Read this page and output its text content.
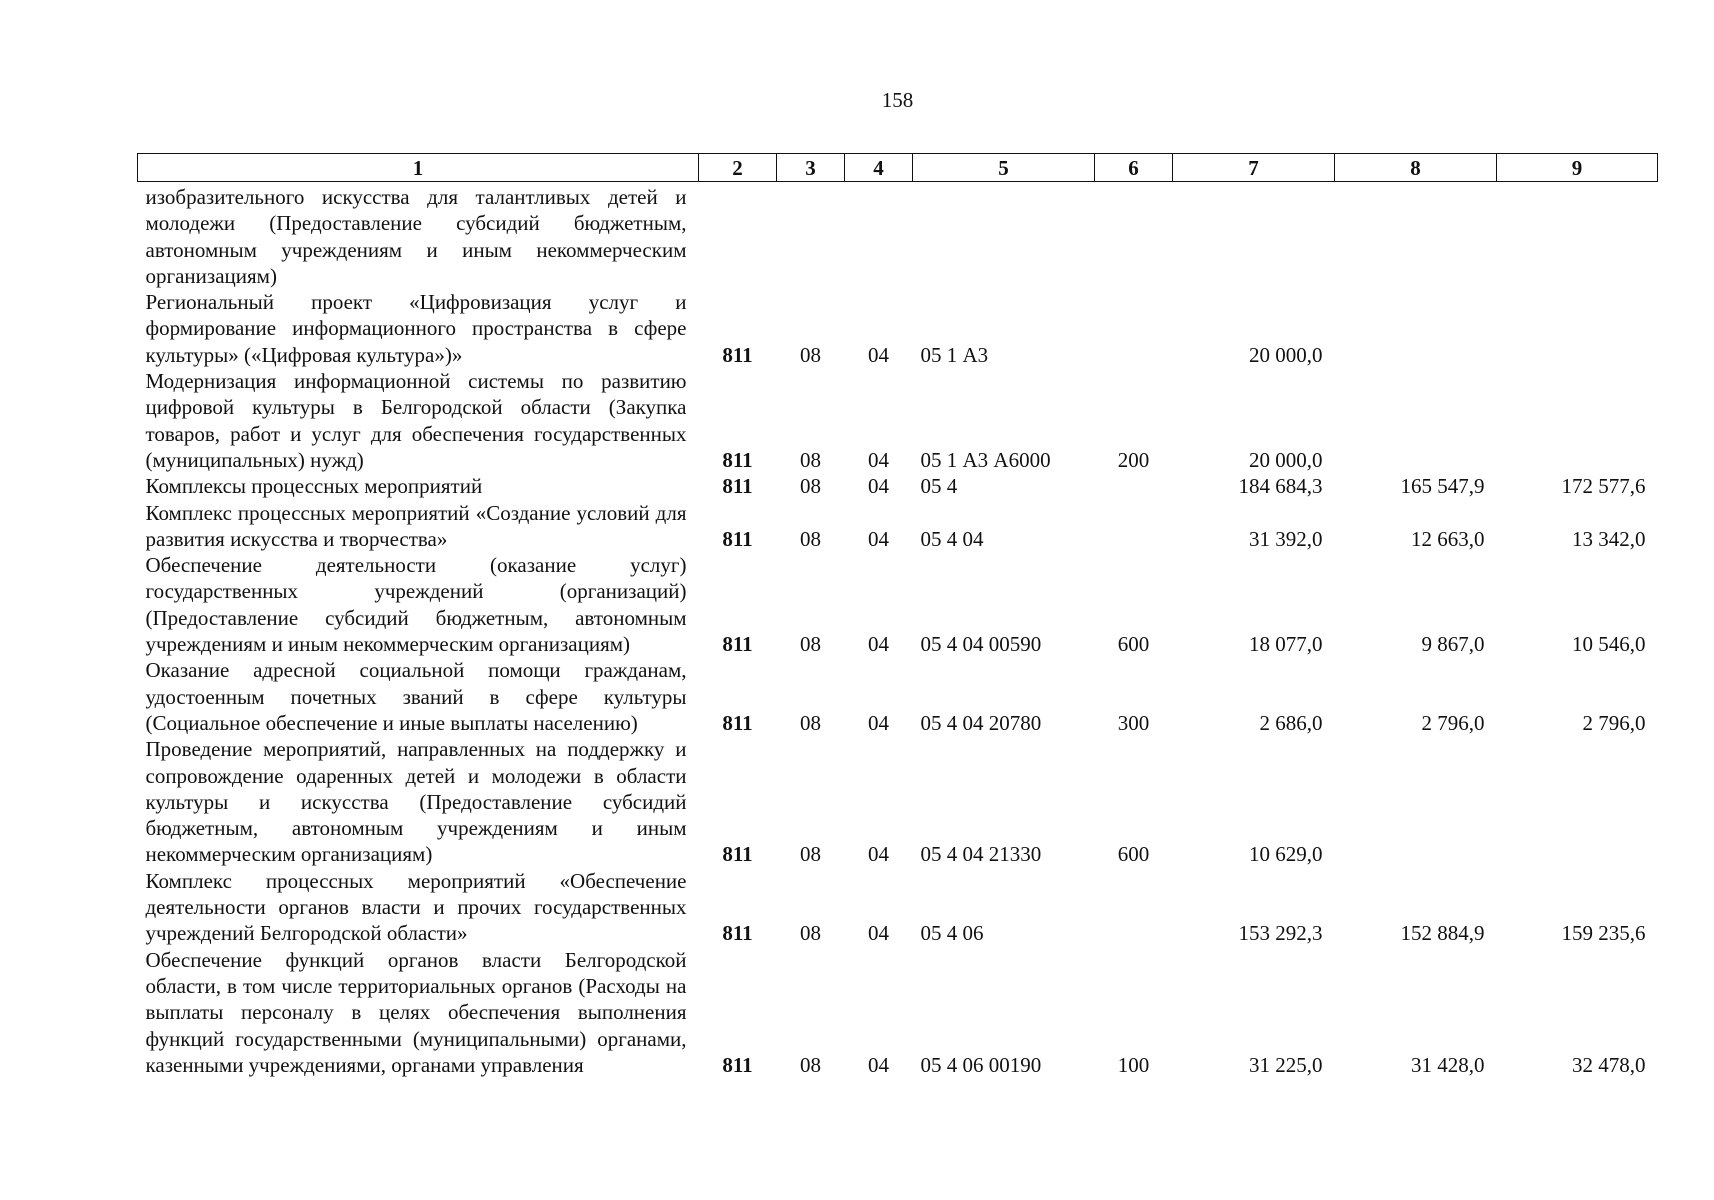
158
1	2	3	4	5	6	7	8	9

изобразительного искусства для талантливых детей и молодежи (Предоставление субсидий бюджетным, автономным учреждениям и иным некоммерческим организациям)								
Региональный проект «Цифровизация услуг и формирование информационного пространства в сфере культуры» («Цифровая культура»)»	811	08	04	05 1 А3		20 000,0		
Модернизация информационной системы по развитию цифровой культуры в Белгородской области (Закупка товаров, работ и услуг для обеспечения государственных (муниципальных) нужд)	811	08	04	05 1 А3 А6000	200	20 000,0		
Комплексы процессных мероприятий	811	08	04	05 4		184 684,3	165 547,9	172 577,6
Комплекс процессных мероприятий «Создание условий для развития искусства и творчества»	811	08	04	05 4 04		31 392,0	12 663,0	13 342,0
Обеспечение деятельности (оказание услуг) государственных учреждений (организаций) (Предоставление субсидий бюджетным, автономным учреждениям и иным некоммерческим организациям)	811	08	04	05 4 04 00590	600	18 077,0	9 867,0	10 546,0
Оказание адресной социальной помощи гражданам, удостоенным почетных званий в сфере культуры (Социальное обеспечение и иные выплаты населению)	811	08	04	05 4 04 20780	300	2 686,0	2 796,0	2 796,0
Проведение мероприятий, направленных на поддержку и сопровождение одаренных детей и молодежи в области культуры и искусства (Предоставление субсидий бюджетным, автономным учреждениям и иным некоммерческим организациям)	811	08	04	05 4 04 21330	600	10 629,0		
Комплекс процессных мероприятий «Обеспечение деятельности органов власти и прочих государственных учреждений Белгородской области»	811	08	04	05 4 06		153 292,3	152 884,9	159 235,6
Обеспечение функций органов власти Белгородской области, в том числе территориальных органов (Расходы на выплаты персоналу в целях обеспечения выполнения функций государственными (муниципальными) органами, казенными учреждениями, органами управления	811	08	04	05 4 06 00190	100	31 225,0	31 428,0	32 478,0
